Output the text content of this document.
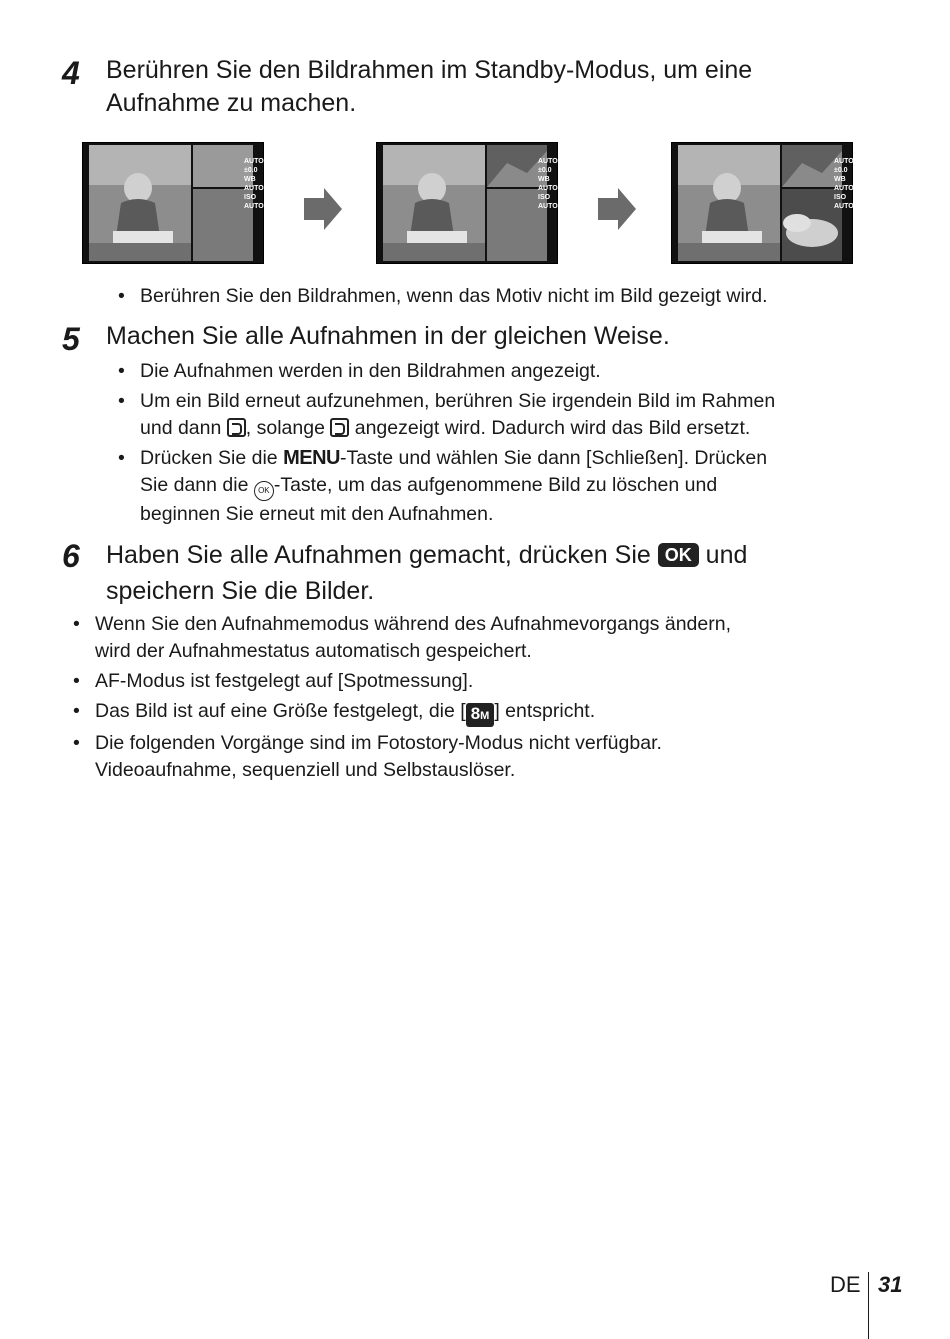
4	Berühren Sie den Bildrahmen im Standby-Modus, um eine
Aufnahme zu machen.
AUTO
±0.0
WB
AUTO
ISO
AUTO
AUTO
±0.0
WB
AUTO
ISO
AUTO
AUTO
±0.0
WB
AUTO
ISO
AUTO
• Berühren Sie den Bildrahmen, wenn das Motiv nicht im Bild gezeigt wird.
5	Machen Sie alle Aufnahmen in der gleichen Weise.
• Die Aufnahmen werden in den Bildrahmen angezeigt.
• Um ein Bild erneut aufzunehmen, berühren Sie irgendein Bild im Rahmen
und dann , solange  angezeigt wird. Dadurch wird das Bild ersetzt.
• Drücken Sie die MENU-Taste und wählen Sie dann [Schließen]. Drücken
Sie dann die OK -Taste, um das aufgenommene Bild zu löschen und
beginnen Sie erneut mit den Aufnahmen.
6	Haben Sie alle Aufnahmen gemacht, drücken Sie OK und
speichern Sie die Bilder.
• Wenn Sie den Aufnahmemodus während des Aufnahmevorgangs ändern,
wird der Aufnahmestatus automatisch gespeichert.
• AF-Modus ist festgelegt auf [Spotmessung].
• Das Bild ist auf eine Größe festgelegt, die [ 8M ] entspricht.
• Die folgenden Vorgänge sind im Fotostory-Modus nicht verfügbar.
Videoaufnahme, sequenziell und Selbstauslöser.
DE 31
